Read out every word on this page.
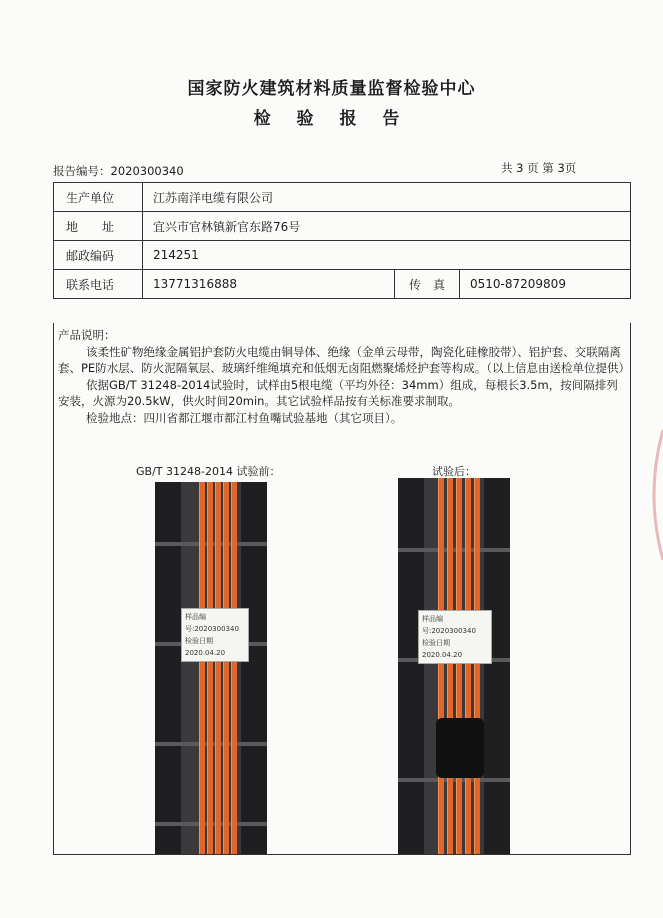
国家防火建筑材料质量监督检验中心
检 验 报 告
报告编号：2020300340	共 3 页 第 3页
生产单位	江苏南洋电缆有限公司		
地　　址	宜兴市官林镇新官东路76号		
邮政编码	214251		
联系电话	13771316888	传　真	0510-87209809

产品说明：

该柔性矿物绝缘金属铝护套防火电缆由铜导体、绝缘（金单云母带，陶瓷化硅橡胶带）、铝护套、交联隔离套、PE防水层、防火泥隔氧层、玻璃纤维绳填充和低烟无卤阻燃聚烯烃护套等构成。（以上信息由送检单位提供）

依据GB/T 31248-2014试验时，试样由5根电缆（平均外径：34mm）组成，每根长3.5m，按间隔排列安装，火源为20.5kW，供火时间20min。其它试验样品按有关标准要求制取。

检验地点：四川省都江堰市都江村鱼嘴试验基地（其它项目）。

GB/T 31248-2014 试验前：	试验后：
样品编号:2020300340
检验日期 2020.04.20
样品编号:2020300340
检验日期 2020.04.20
